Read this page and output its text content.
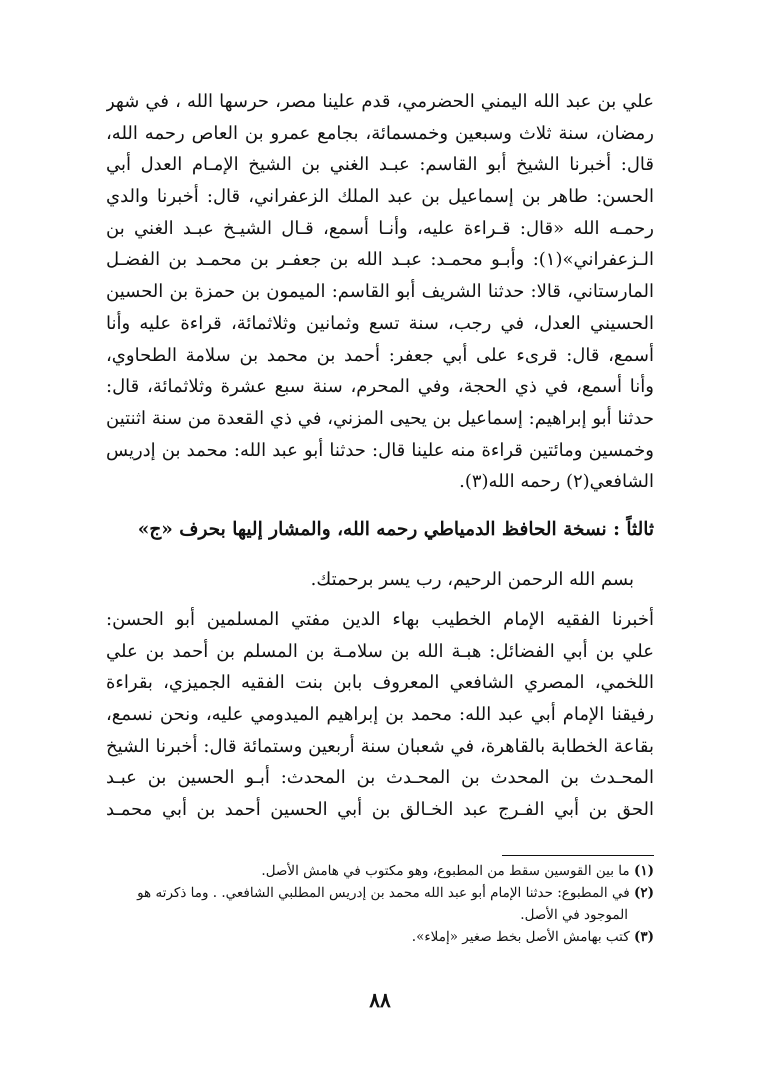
علي بن عبد الله اليمني الحضرمي، قدم علينا مصر، حرسها الله ، في شهر
رمضان، سنة ثلاث وسبعين وخمسمائة، بجامع عمرو بن العاص رحمه الله،
قال: أخبرنا الشيخ أبو القاسم: عبـد الغني بن الشيخ الإمـام العدل أبي
الحسن: طاهر بن إسماعيل بن عبد الملك الزعفراني، قال: أخبرنا والدي
رحمـه الله «قال: قـراءة عليه، وأنـا أسمع، قـال الشيـخ عبـد الغني بن
الـزعفراني»(١): وأبـو محمـد: عبـد الله بن جعفـر بن محمـد بن الفضـل
المارستاني، قالا: حدثنا الشريف أبو القاسم: الميمون بن حمزة بن الحسين
الحسيني العدل، في رجب، سنة تسع وثمانين وثلاثمائة، قراءة عليه وأنا
أسمع، قال: قرىء على أبي جعفر: أحمد بن محمد بن سلامة الطحاوي،
وأنا أسمع، في ذي الحجة، وفي المحرم، سنة سبع عشرة وثلاثمائة، قال:
حدثنا أبو إبراهيم: إسماعيل بن يحيى المزني، في ذي القعدة من سنة اثنتين
وخمسين ومائتين قراءة منه علينا قال: حدثنا أبو عبد الله: محمد بن إدريس
الشافعي(٢) رحمه الله(٣).
ثالثاً : نسخة الحافظ الدمياطي رحمه الله، والمشار إليها بحرف «ج»
بسم الله الرحمن الرحيم، رب يسر برحمتك.
أخبرنا الفقيه الإمام الخطيب بهاء الدين مفتي المسلمين أبو الحسن:
علي بن أبي الفضائل: هبـة الله بن سلامـة بن المسلم بن أحمد بن علي
اللخمي، المصري الشافعي المعروف بابن بنت الفقيه الجميزي، بقراءة
رفيقنا الإمام أبي عبد الله: محمد بن إبراهيم الميدومي عليه، ونحن نسمع،
بقاعة الخطابة بالقاهرة، في شعبان سنة أربعين وستمائة قال: أخبرنا الشيخ
المحـدث بن المحدث بن المحـدث بن المحدث: أبـو الحسين بن عبـد
الحق بن أبي الفـرج عبد الخـالق بن أبي الحسين أحمد بن أبي محمـد
(١) ما بين القوسين سقط من المطبوع، وهو مكتوب في هامش الأصل.
(٢) في المطبوع: حدثنا الإمام أبو عبد الله محمد بن إدريس المطلبي الشافعي. . وما ذكرته هو
الموجود في الأصل.
(٣) كتب بهامش الأصل بخط صغير «إملاء».
٨٨
